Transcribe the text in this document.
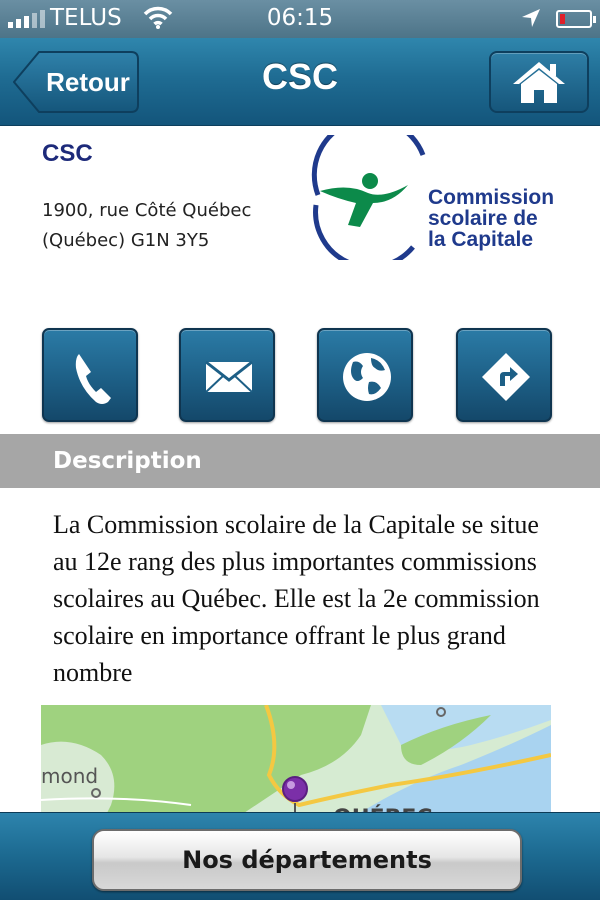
TELUS	06:15
Retour	CSC
CSC
1900, rue Côté Québec
(Québec) G1N 3Y5
Commission
scolaire de
la Capitale
Description
La Commission scolaire de la Capitale se situe au 12e rang des plus importantes commissions scolaires au Québec. Elle est la 2e commission scolaire en importance offrant le plus grand nombre
mond
Nos départements
